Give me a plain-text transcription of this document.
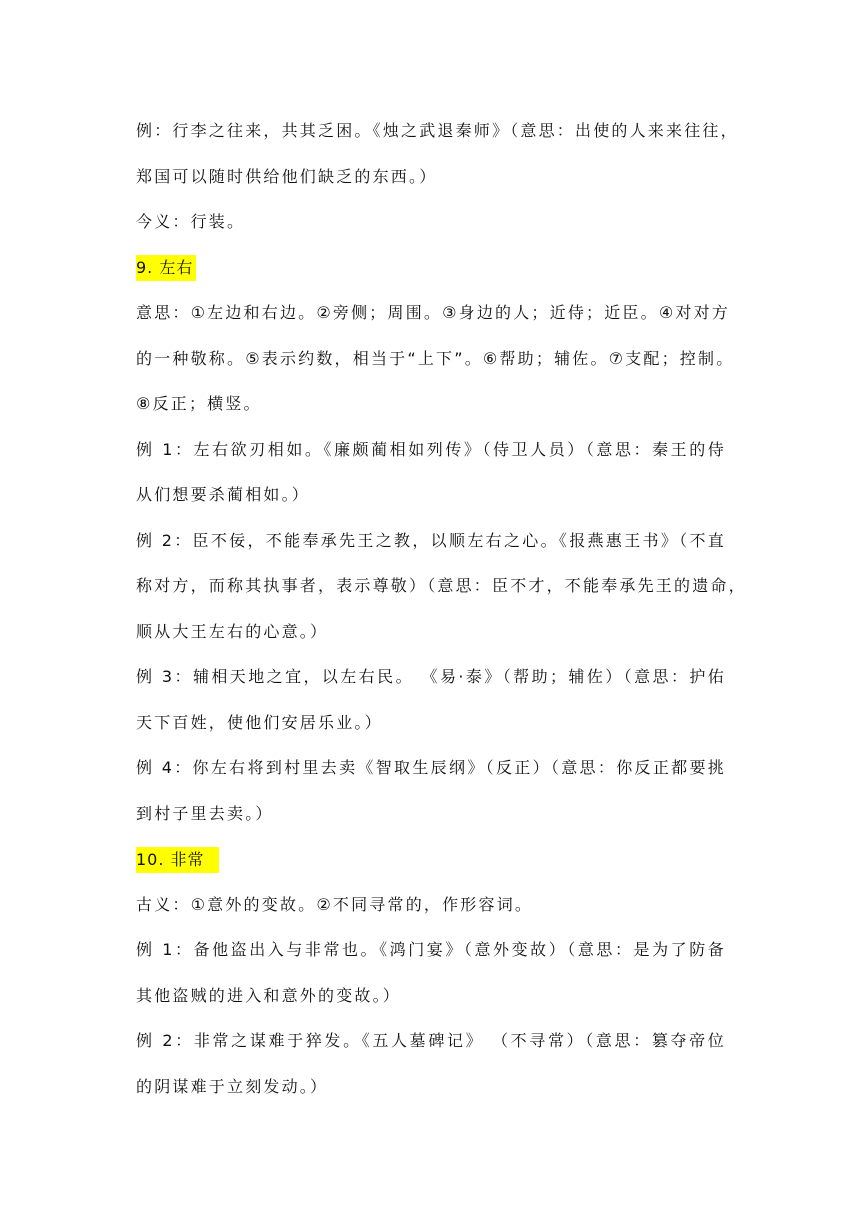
例：行李之往来，共其乏困。《烛之武退秦师》（意思：出使的人来来往往，
郑国可以随时供给他们缺乏的东西。）
今义：行装。
9. 左右
意思：①左边和右边。②旁侧；周围。③身边的人；近侍；近臣。④对对方
的一种敬称。⑤表示约数，相当于“上下”。⑥帮助；辅佐。⑦支配；控制。
⑧反正；横竖。
例 1：左右欲刃相如。《廉颇蔺相如列传》（侍卫人员）（意思：秦王的侍
从们想要杀蔺相如。）
例 2：臣不佞，不能奉承先王之教，以顺左右之心。《报燕惠王书》（不直
称对方，而称其执事者，表示尊敬）（意思：臣不才，不能奉承先王的遗命，
顺从大王左右的心意。）
例 3：辅相天地之宜，以左右民。 《易·泰》（帮助；辅佐）（意思：护佑
天下百姓，使他们安居乐业。）
例 4：你左右将到村里去卖《智取生辰纲》（反正）（意思：你反正都要挑
到村子里去卖。）
10. 非常
古义：①意外的变故。②不同寻常的，作形容词。
例 1：备他盗出入与非常也。《鸿门宴》（意外变故）（意思：是为了防备
其他盗贼的进入和意外的变故。）
例 2：非常之谋难于猝发。《五人墓碑记》 （不寻常）（意思：篡夺帝位
的阴谋难于立刻发动。）
